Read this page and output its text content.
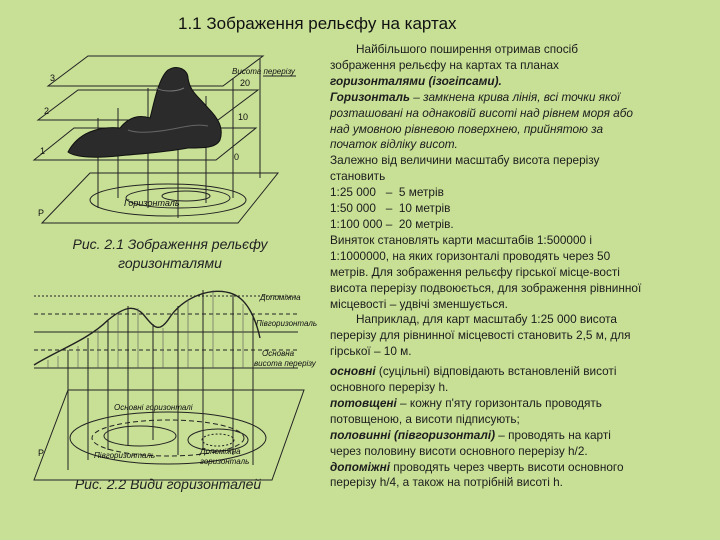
1.1 Зображення рельєфу на картах
Висота перерізу
3
2
1
20
10
0
Горизонталь
Р
Рис. 2.1 Зображення рельєфу
горизонталями
Допоміжна
Півгоризонталь
Основна
висота перерізу
Основні горизонталі
Півгоризонталь	Допоміжна
горизонталь
Р
Рис. 2.2 Види горизонталей

Найбільшого поширення отримав спосіб

зображення рельєфу на картах та планах

горизонталями (ізогіпсами).

Горизонталь – замкнена крива лінія, всі точки якої

розташовані на однаковій висоті над рівнем моря або

над умовною рівневою поверхнею, прийнятою за

початок відліку висот.

Залежно від величини масштабу висота перерізу

становить

1:25 000   –  5 метрів

1:50 000   –  10 метрів

1:100 000 –  20 метрів.

Виняток становлять карти масштабів 1:500000 і

1:1000000, на яких горизонталі проводять через 50

метрів. Для зображення рельєфу гірської місце-вості

висота перерізу подвоюється, для зображення рівнинної

місцевості – удвічі зменшується.

Наприклад, для карт масштабу 1:25 000 висота

перерізу для рівнинної місцевості становить 2,5 м, для

гірської – 10 м.

основні (суцільні) відповідають встановленій висоті

основного перерізу h.

потовщені – кожну п'яту горизонталь проводять

потовщеною, а висоти підписують;

половинні (півгоризонталі) – проводять на карті

через половину висоти основного перерізу h/2.

допоміжні проводять через чверть висоти основного

перерізу h/4, а також на потрібній висоті h.
